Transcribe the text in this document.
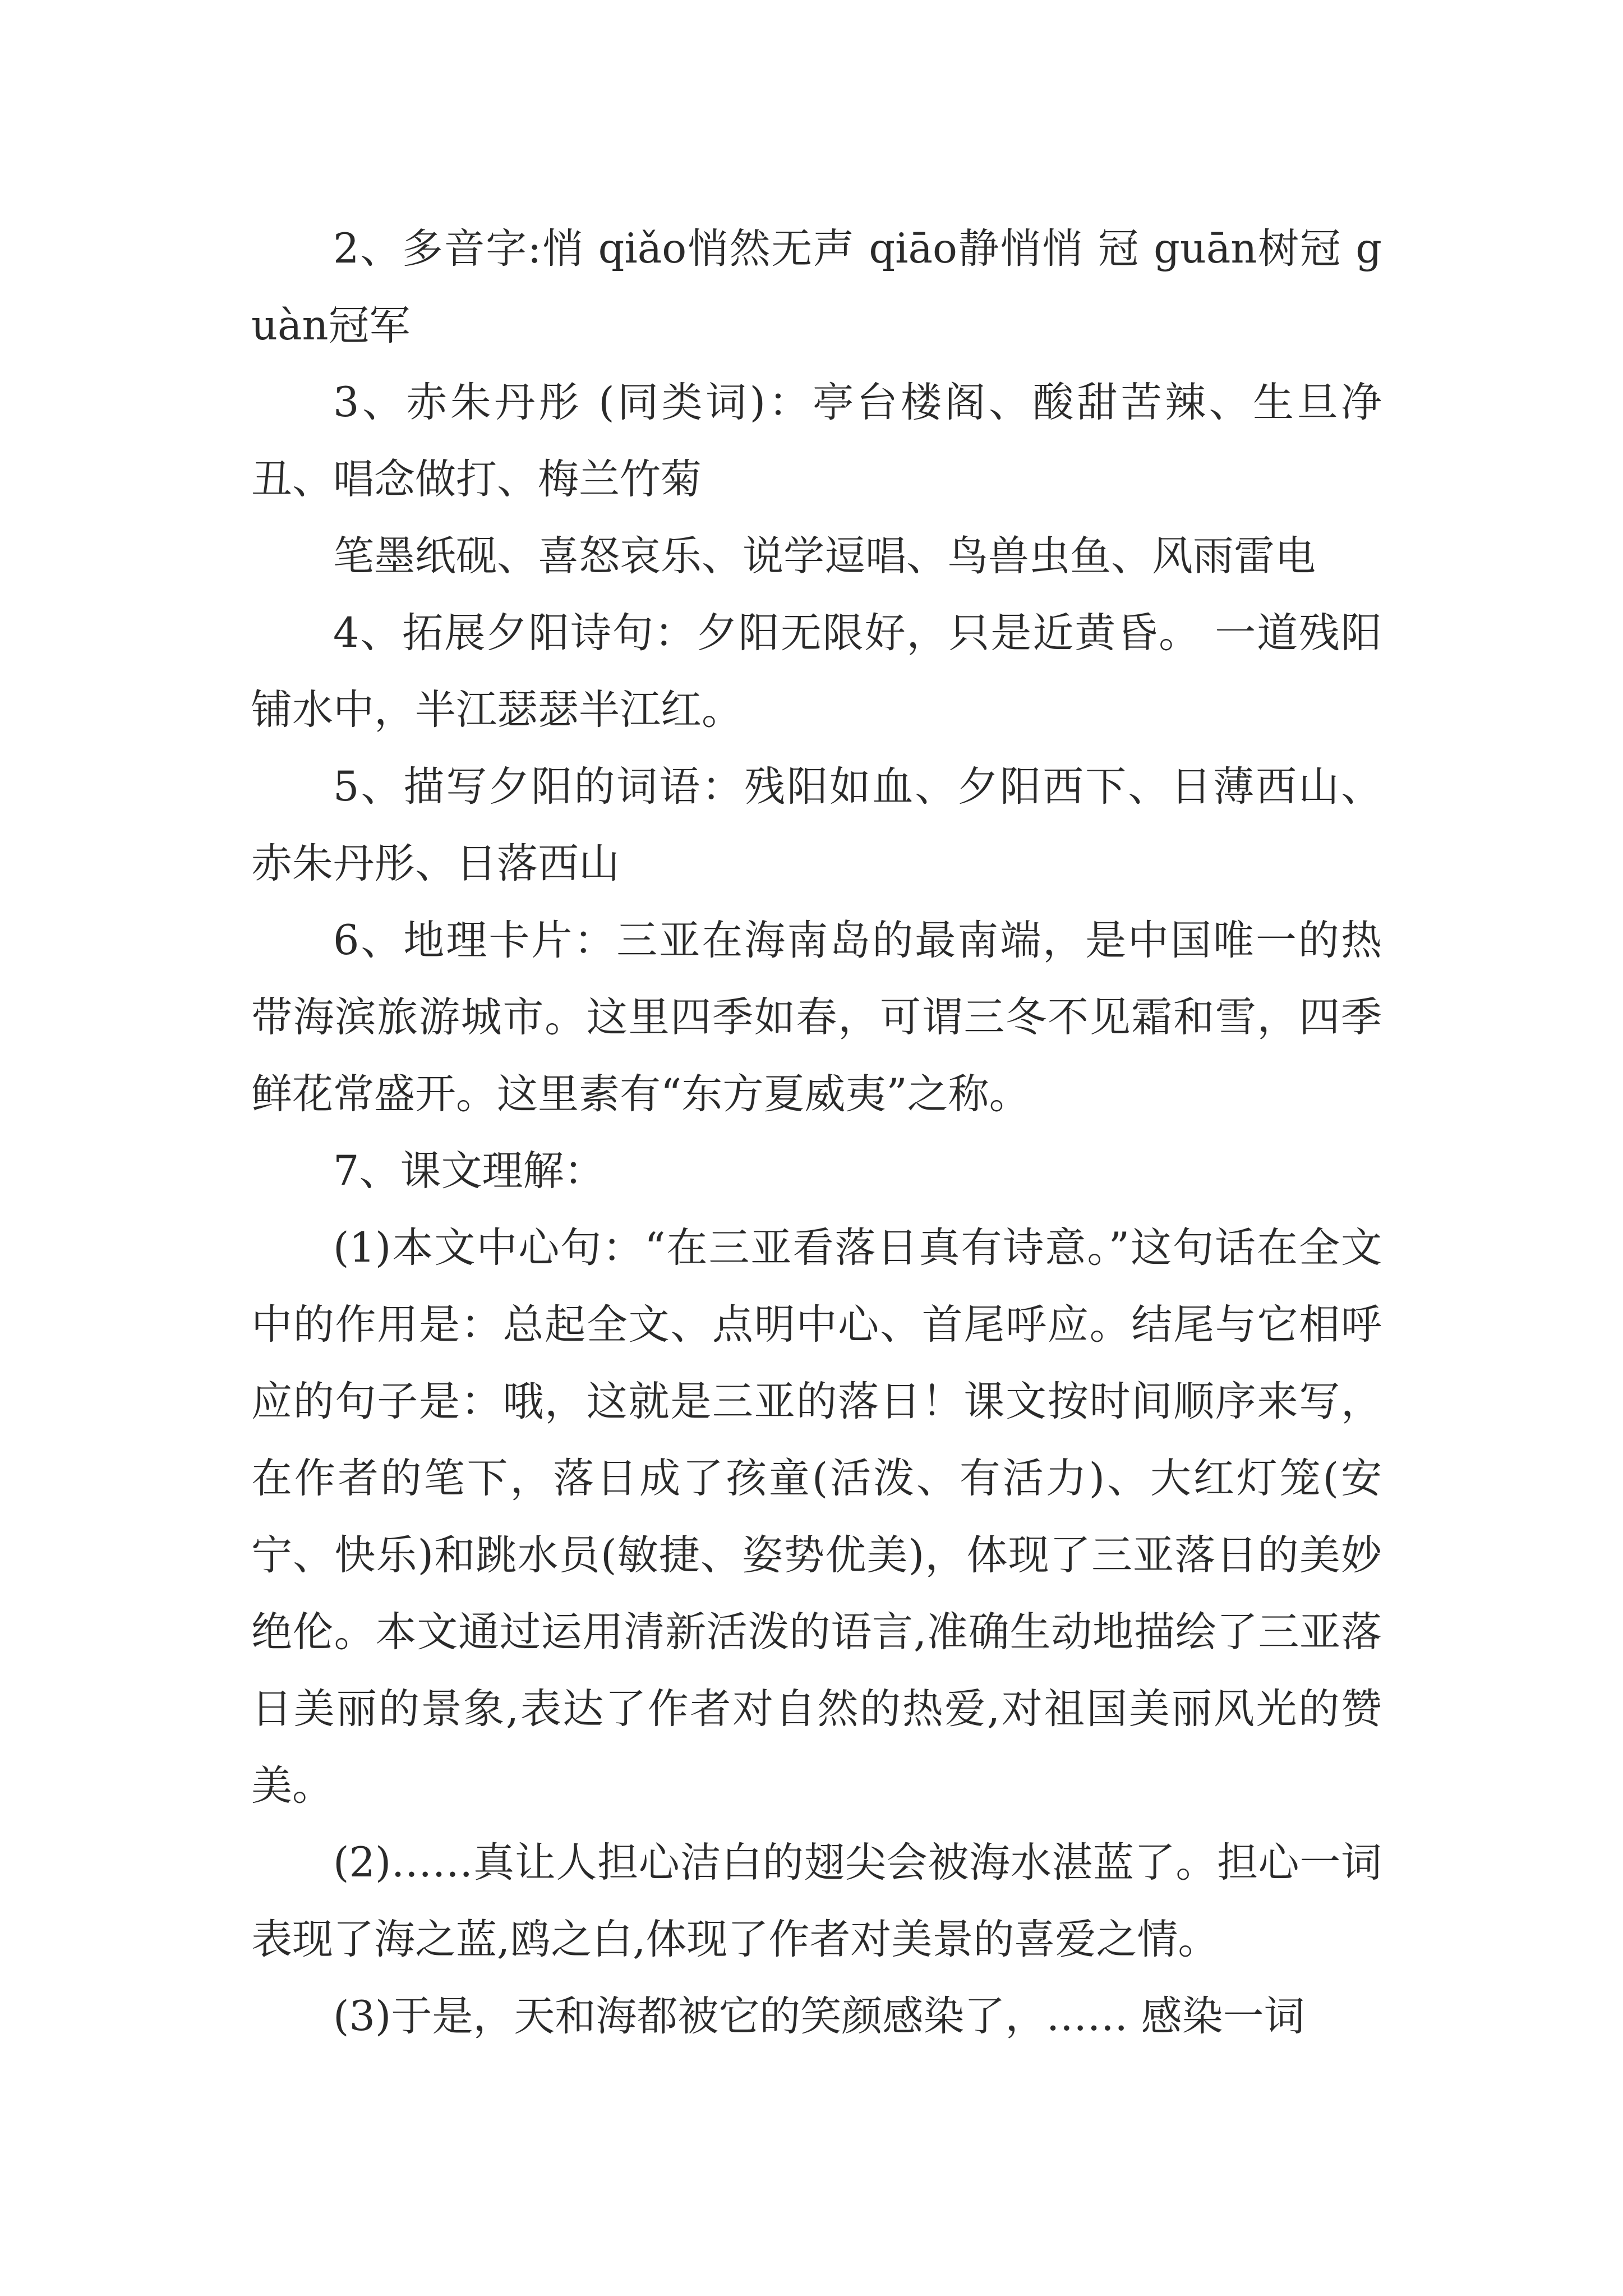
2、多音字:悄 qiǎo悄然无声 qiāo静悄悄 冠 guān树冠 guàn冠军

3、赤朱丹彤 (同类词)：亭台楼阁、酸甜苦辣、生旦净丑、唱念做打、梅兰竹菊

笔墨纸砚、喜怒哀乐、说学逗唱、鸟兽虫鱼、风雨雷电

4、拓展夕阳诗句：夕阳无限好，只是近黄昏。 一道残阳铺水中，半江瑟瑟半江红。

5、描写夕阳的词语：残阳如血、夕阳西下、日薄西山、赤朱丹彤、日落西山

6、地理卡片：三亚在海南岛的最南端，是中国唯一的热带海滨旅游城市。这里四季如春，可谓三冬不见霜和雪，四季鲜花常盛开。这里素有“东方夏威夷”之称。

7、课文理解：

(1)本文中心句：“在三亚看落日真有诗意。”这句话在全文中的作用是：总起全文、点明中心、首尾呼应。结尾与它相呼应的句子是：哦，这就是三亚的落日！课文按时间顺序来写，在作者的笔下，落日成了孩童(活泼、有活力)、大红灯笼(安宁、快乐)和跳水员(敏捷、姿势优美)，体现了三亚落日的美妙绝伦。本文通过运用清新活泼的语言,准确生动地描绘了三亚落日美丽的景象,表达了作者对自然的热爱,对祖国美丽风光的赞美。

(2)……真让人担心洁白的翅尖会被海水湛蓝了。担心一词表现了海之蓝,鸥之白,体现了作者对美景的喜爱之情。

(3)于是，天和海都被它的笑颜感染了，…… 感染一词
